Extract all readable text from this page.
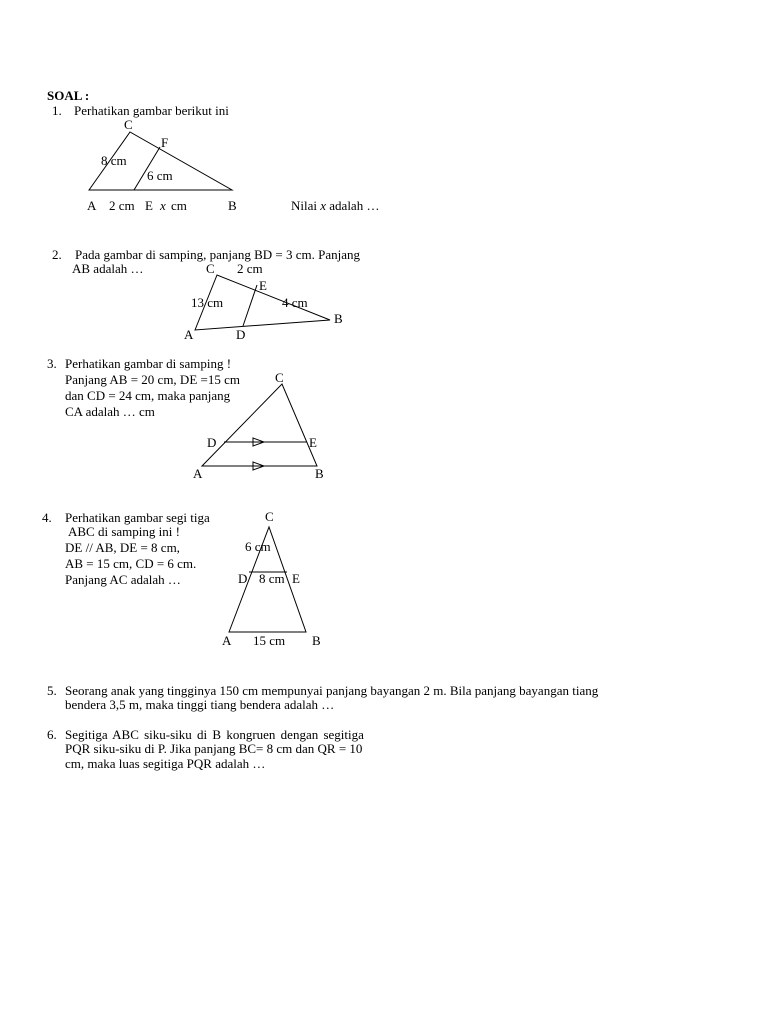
SOAL :
1. Perhatikan gambar berikut ini
C
F
8 cm
6 cm
A 2 cm E x cm	B	Nilai x adalah …
2. Pada gambar di samping, panjang BD = 3 cm. Panjang
AB adalah …	C 2 cm
E
13 cm	4 cm
B
A	D
3. Perhatikan gambar di samping !
Panjang AB = 20 cm, DE =15 cm
dan CD = 24 cm, maka panjang
CA adalah … cm
C
D	E
A	B
4. Perhatikan gambar segi tiga
ABC di samping ini !
DE // AB, DE = 8 cm,
AB = 15 cm, CD = 6 cm.
Panjang AC adalah …
C
6 cm
D 8 cm E
A 15 cm B
5. Seorang anak yang tingginya 150 cm mempunyai panjang bayangan 2 m. Bila panjang bayangan tiang
bendera 3,5 m, maka tinggi tiang bendera adalah …
6. Segitiga ABC siku-siku di B kongruen dengan segitiga
PQR siku-siku di P. Jika panjang BC= 8 cm dan QR = 10
cm, maka luas segitiga PQR adalah …
